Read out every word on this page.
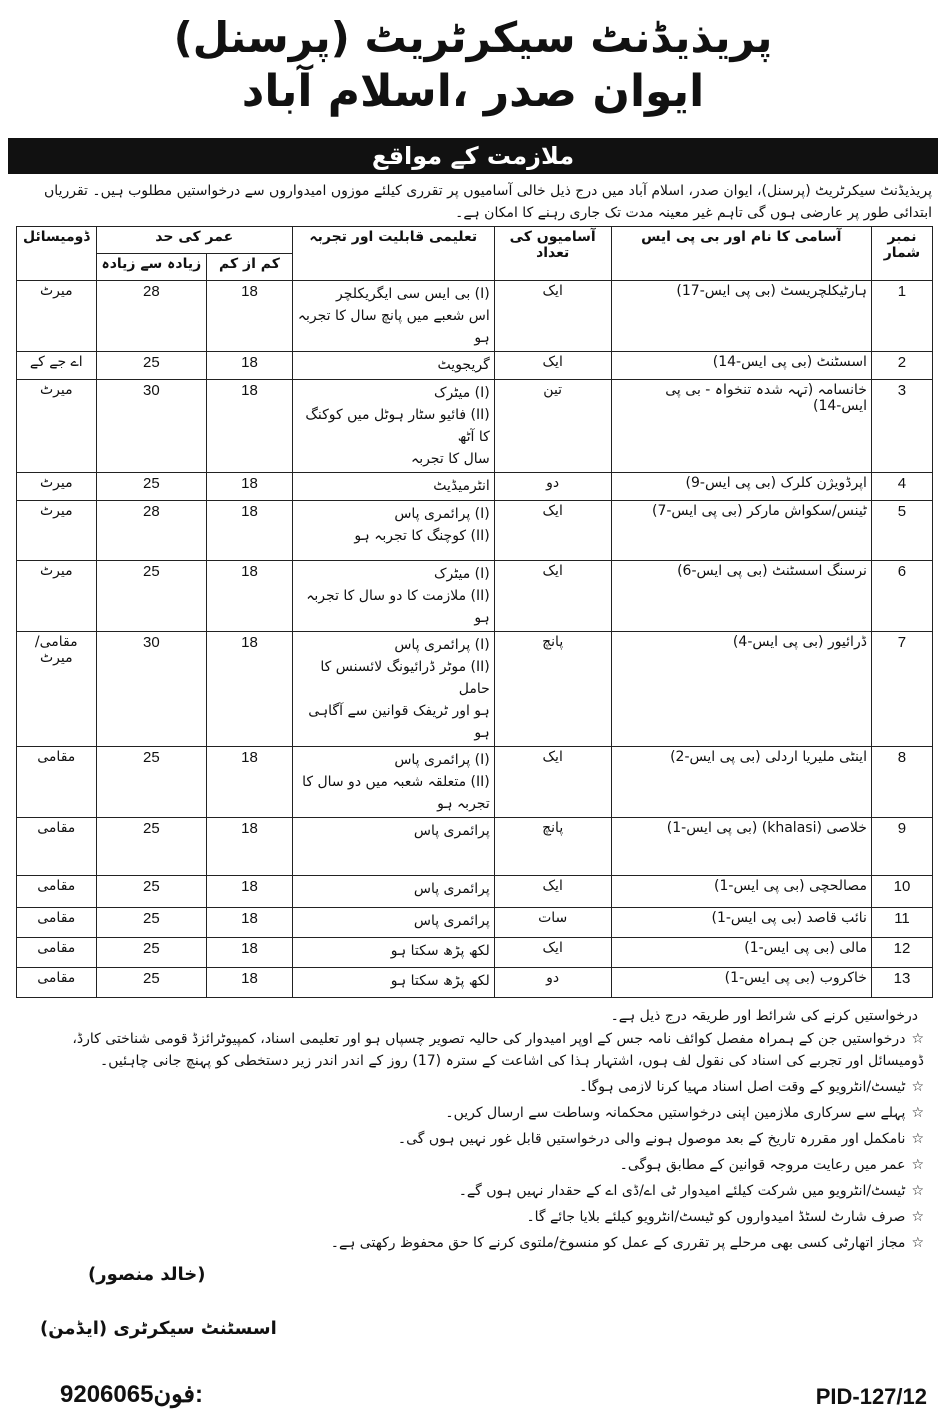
پریذیڈنٹ سیکرٹریٹ (پرسنل)
ایوان صدر ،اسلام آباد
ملازمت کے مواقع
پریذیڈنٹ سیکرٹریٹ (پرسنل)، ایوان صدر، اسلام آباد میں درج ذیل خالی آسامیوں پر تقرری کیلئے موزوں امیدواروں سے درخواستیں مطلوب ہیں۔ تقرریاں ابتدائی طور پر عارضی ہوں گی تاہم غیر معینہ مدت تک جاری رہنے کا امکان ہے۔
نمبر شمار	آسامی کا نام اور بی پی ایس	آسامیوں کی تعداد	تعلیمی قابلیت اور تجربہ	عمر کی حد		ڈومیسائل
				کم از کم	زیادہ سے زیادہ	
1	ہارٹیکلچریسٹ (بی پی ایس-17)	ایک	(I) بی ایس سی ایگریکلچر
اس شعبے میں پانچ سال کا تجربہ ہو	18	28	میرٹ
2	اسسٹنٹ (بی پی ایس-14)	ایک	گریجویٹ	18	25	اے جے کے
3	خانسامہ (تہہ شدہ تنخواہ - بی پی ایس-14)	تین	(I) میٹرک
(II) فائیو سٹار ہوٹل میں کوکنگ کا آٹھ
سال کا تجربہ	18	30	میرٹ
4	اپرڈویژن کلرک (بی پی ایس-9)	دو	انٹرمیڈیٹ	18	25	میرٹ
5	ٹینس/سکواش مارکر (بی پی ایس-7)	ایک	(I) پرائمری پاس
(II) کوچنگ کا تجربہ ہو	18	28	میرٹ
6	نرسنگ اسسٹنٹ (بی پی ایس-6)	ایک	(I) میٹرک
(II) ملازمت کا دو سال کا تجربہ ہو	18	25	میرٹ
7	ڈرائیور (بی پی ایس-4)	پانچ	(I) پرائمری پاس
(II) موٹر ڈرائیونگ لائسنس کا حامل
ہو اور ٹریفک قوانین سے آگاہی ہو	18	30	مقامی/میرٹ
8	اینٹی ملیریا اردلی (بی پی ایس-2)	ایک	(I) پرائمری پاس
(II) متعلقہ شعبہ میں دو سال کا تجربہ ہو	18	25	مقامی
9	خلاصی (khalasi) (بی پی ایس-1)	پانچ	پرائمری پاس	18	25	مقامی
10	مصالحچی (بی پی ایس-1)	ایک	پرائمری پاس	18	25	مقامی
11	نائب قاصد (بی پی ایس-1)	سات	پرائمری پاس	18	25	مقامی
12	مالی (بی پی ایس-1)	ایک	لکھ پڑھ سکتا ہو	18	25	مقامی
13	خاکروب (بی پی ایس-1)	دو	لکھ پڑھ سکتا ہو	18	25	مقامی
درخواستیں کرنے کی شرائط اور طریقہ درج ذیل ہے۔
☆درخواستیں جن کے ہمراہ مفصل کوائف نامہ جس کے اوپر امیدوار کی حالیہ تصویر چسپاں ہو اور تعلیمی اسناد، کمپیوٹرائزڈ قومی شناختی کارڈ، ڈومیسائل اور تجربے کی اسناد کی نقول لف ہوں، اشتہار ہذا کی اشاعت کے سترہ (17) روز کے اندر اندر زیر دستخطی کو پہنچ جانی چاہئیں۔
☆ٹیسٹ/انٹرویو کے وقت اصل اسناد مہیا کرنا لازمی ہوگا۔
☆پہلے سے سرکاری ملازمین اپنی درخواستیں محکمانہ وساطت سے ارسال کریں۔
☆نامکمل اور مقررہ تاریخ کے بعد موصول ہونے والی درخواستیں قابل غور نہیں ہوں گی۔
☆عمر میں رعایت مروجہ قوانین کے مطابق ہوگی۔
☆ٹیسٹ/انٹرویو میں شرکت کیلئے امیدوار ٹی اے/ڈی اے کے حقدار نہیں ہوں گے۔
☆صرف شارٹ لسٹڈ امیدواروں کو ٹیسٹ/انٹرویو کیلئے بلایا جائے گا۔
☆مجاز اتھارٹی کسی بھی مرحلے پر تقرری کے عمل کو منسوخ/ملتوی کرنے کا حق محفوظ رکھتی ہے۔
(خالد منصور)
اسسٹنٹ سیکرٹری (ایڈمن)
9206065فون:	PID-127/12
